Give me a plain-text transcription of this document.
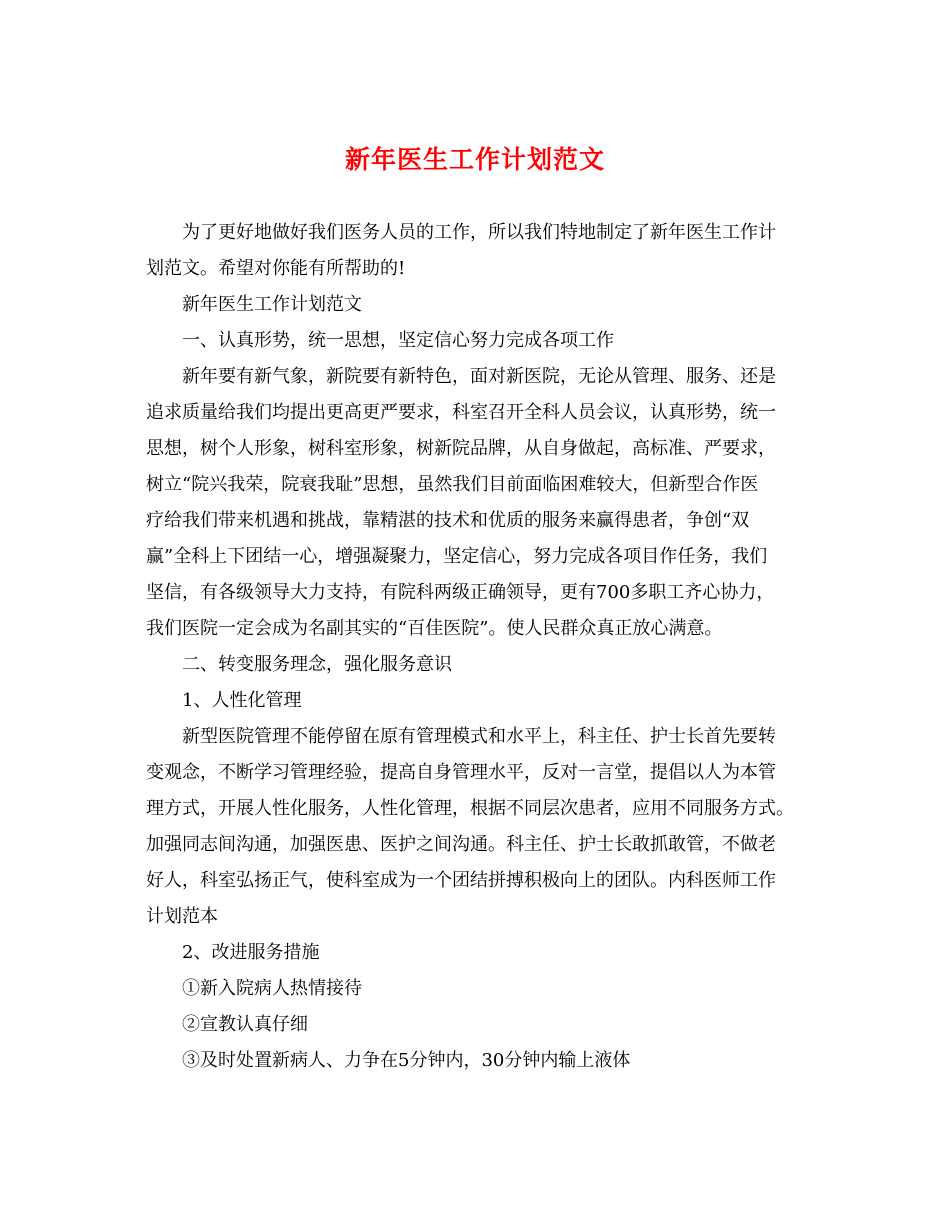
新年医生工作计划范文
为了更好地做好我们医务人员的工作，所以我们特地制定了新年医生工作计
划范文。希望对你能有所帮助的!
新年医生工作计划范文
一、认真形势，统一思想，坚定信心努力完成各项工作
新年要有新气象，新院要有新特色，面对新医院，无论从管理、服务、还是
追求质量给我们均提出更高更严要求，科室召开全科人员会议，认真形势，统一
思想，树个人形象，树科室形象，树新院品牌，从自身做起，高标准、严要求，
树立“院兴我荣，院衰我耻”思想，虽然我们目前面临困难较大，但新型合作医
疗给我们带来机遇和挑战，靠精湛的技术和优质的服务来赢得患者，争创“双
赢”全科上下团结一心，增强凝聚力，坚定信心，努力完成各项目作任务，我们
坚信，有各级领导大力支持，有院科两级正确领导，更有700多职工齐心协力，
我们医院一定会成为名副其实的“百佳医院”。使人民群众真正放心满意。
二、转变服务理念，强化服务意识
1、人性化管理
新型医院管理不能停留在原有管理模式和水平上，科主任、护士长首先要转
变观念，不断学习管理经验，提高自身管理水平，反对一言堂，提倡以人为本管
理方式，开展人性化服务，人性化管理，根据不同层次患者，应用不同服务方式。
加强同志间沟通，加强医患、医护之间沟通。科主任、护士长敢抓敢管，不做老
好人，科室弘扬正气，使科室成为一个团结拼搏积极向上的团队。内科医师工作
计划范本
2、改进服务措施
①新入院病人热情接待
②宣教认真仔细
③及时处置新病人、力争在5分钟内，30分钟内输上液体
